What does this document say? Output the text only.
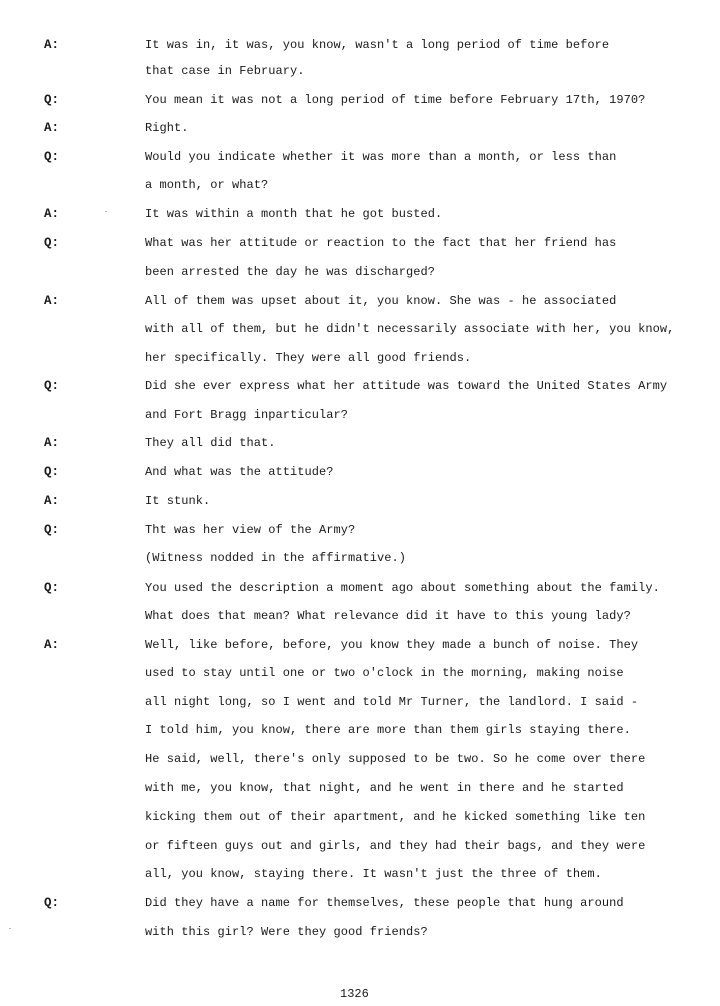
A:
Q:
A:
Q:
A:
Q:
A:
Q:
A:
Q:
A:
Q:
Q:
A:
Q:
It was in, it was, you know, wasn't a long period of time before
that case in February.
You mean it was not a long period of time before February 17th, 1970?
Right.
Would you indicate whether it was more than a month, or less than
a month, or what?
It was within a month that he got busted.
What was her attitude or reaction to the fact that her friend has
been arrested the day he was discharged?
All of them was upset about it, you know. She was - he associated
with all of them, but he didn't necessarily associate with her, you know,
her specifically. They were all good friends.
Did she ever express what her attitude was toward the United States Army
and Fort Bragg inparticular?
They all did that.
And what was the attitude?
It stunk.
Tht was her view of the Army?
(Witness nodded in the affirmative.)
You used the description a moment ago about something about the family.
What does that mean? What relevance did it have to this young lady?
Well, like before, before, you know they made a bunch of noise. They
used to stay until one or two o'clock in the morning, making noise
all night long, so I went and told Mr Turner, the landlord. I said -
I told him, you know, there are more than them girls staying there.
He said, well, there's only supposed to be two. So he come over there
with me, you know, that night, and he went in there and he started
kicking them out of their apartment, and he kicked something like ten
or fifteen guys out and girls, and they had their bags, and they were
all, you know, staying there. It wasn't just the three of them.
Did they have a name for themselves, these people that hung around
with this girl? Were they good friends?
1326
